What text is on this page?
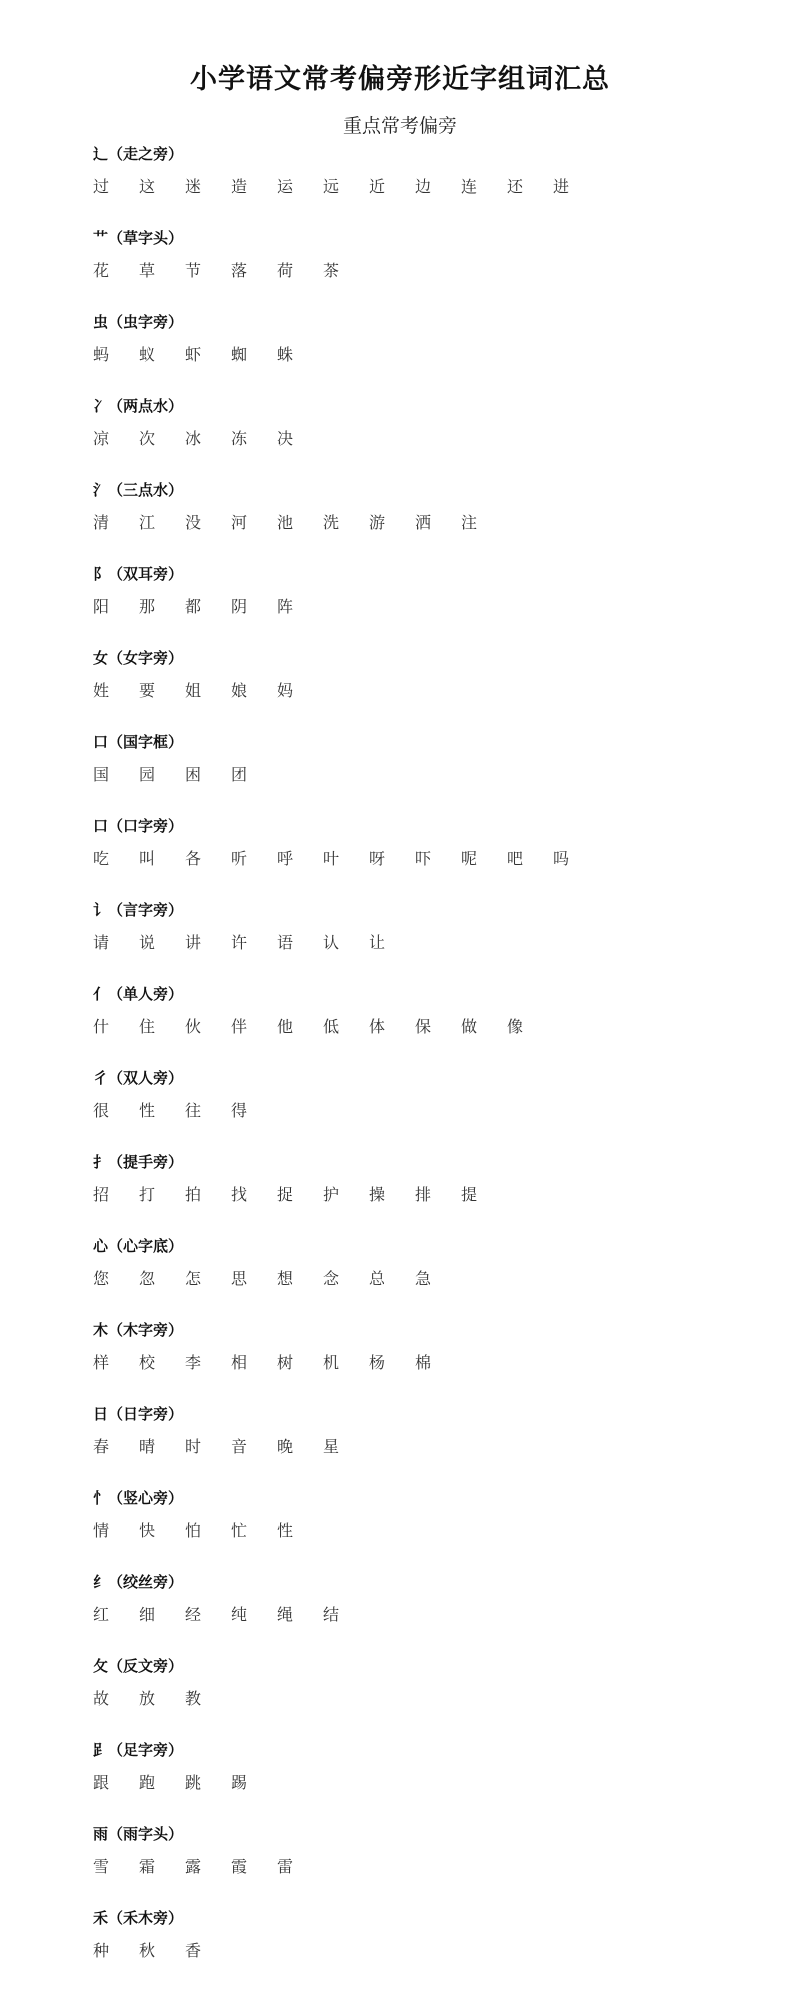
小学语文常考偏旁形近字组词汇总
重点常考偏旁
辶（走之旁）
过	这	迷	造	运	远	近	边	连	还	进
艹（草字头）
花	草	节	落	荷	茶
虫（虫字旁）
蚂	蚁	虾	蜘	蛛
冫（两点水）
凉	次	冰	冻	决
氵（三点水）
清	江	没	河	池	洗	游	洒	注
阝（双耳旁）
阳	那	都	阴	阵
女（女字旁）
姓	要	姐	娘	妈
口（国字框）
国	园	困	团
口（口字旁）
吃	叫	各	听	呼	叶	呀	吓	呢	吧	吗
讠（言字旁）
请	说	讲	许	语	认	让
亻（单人旁）
什	住	伙	伴	他	低	体	保	做	像
彳（双人旁）
很	性	往	得
扌（提手旁）
招	打	拍	找	捉	护	操	排	提
心（心字底）
您	忽	怎	思	想	念	总	急
木（木字旁）
样	校	李	相	树	机	杨	棉
日（日字旁）
春	晴	时	音	晚	星
忄（竖心旁）
情	快	怕	忙	性
纟（绞丝旁）
红	细	经	纯	绳	结
攵（反文旁）
故	放	教
𧾷（足字旁）
跟	跑	跳	踢
雨（雨字头）
雪	霜	露	霞	雷
禾（禾木旁）
种	秋	香
